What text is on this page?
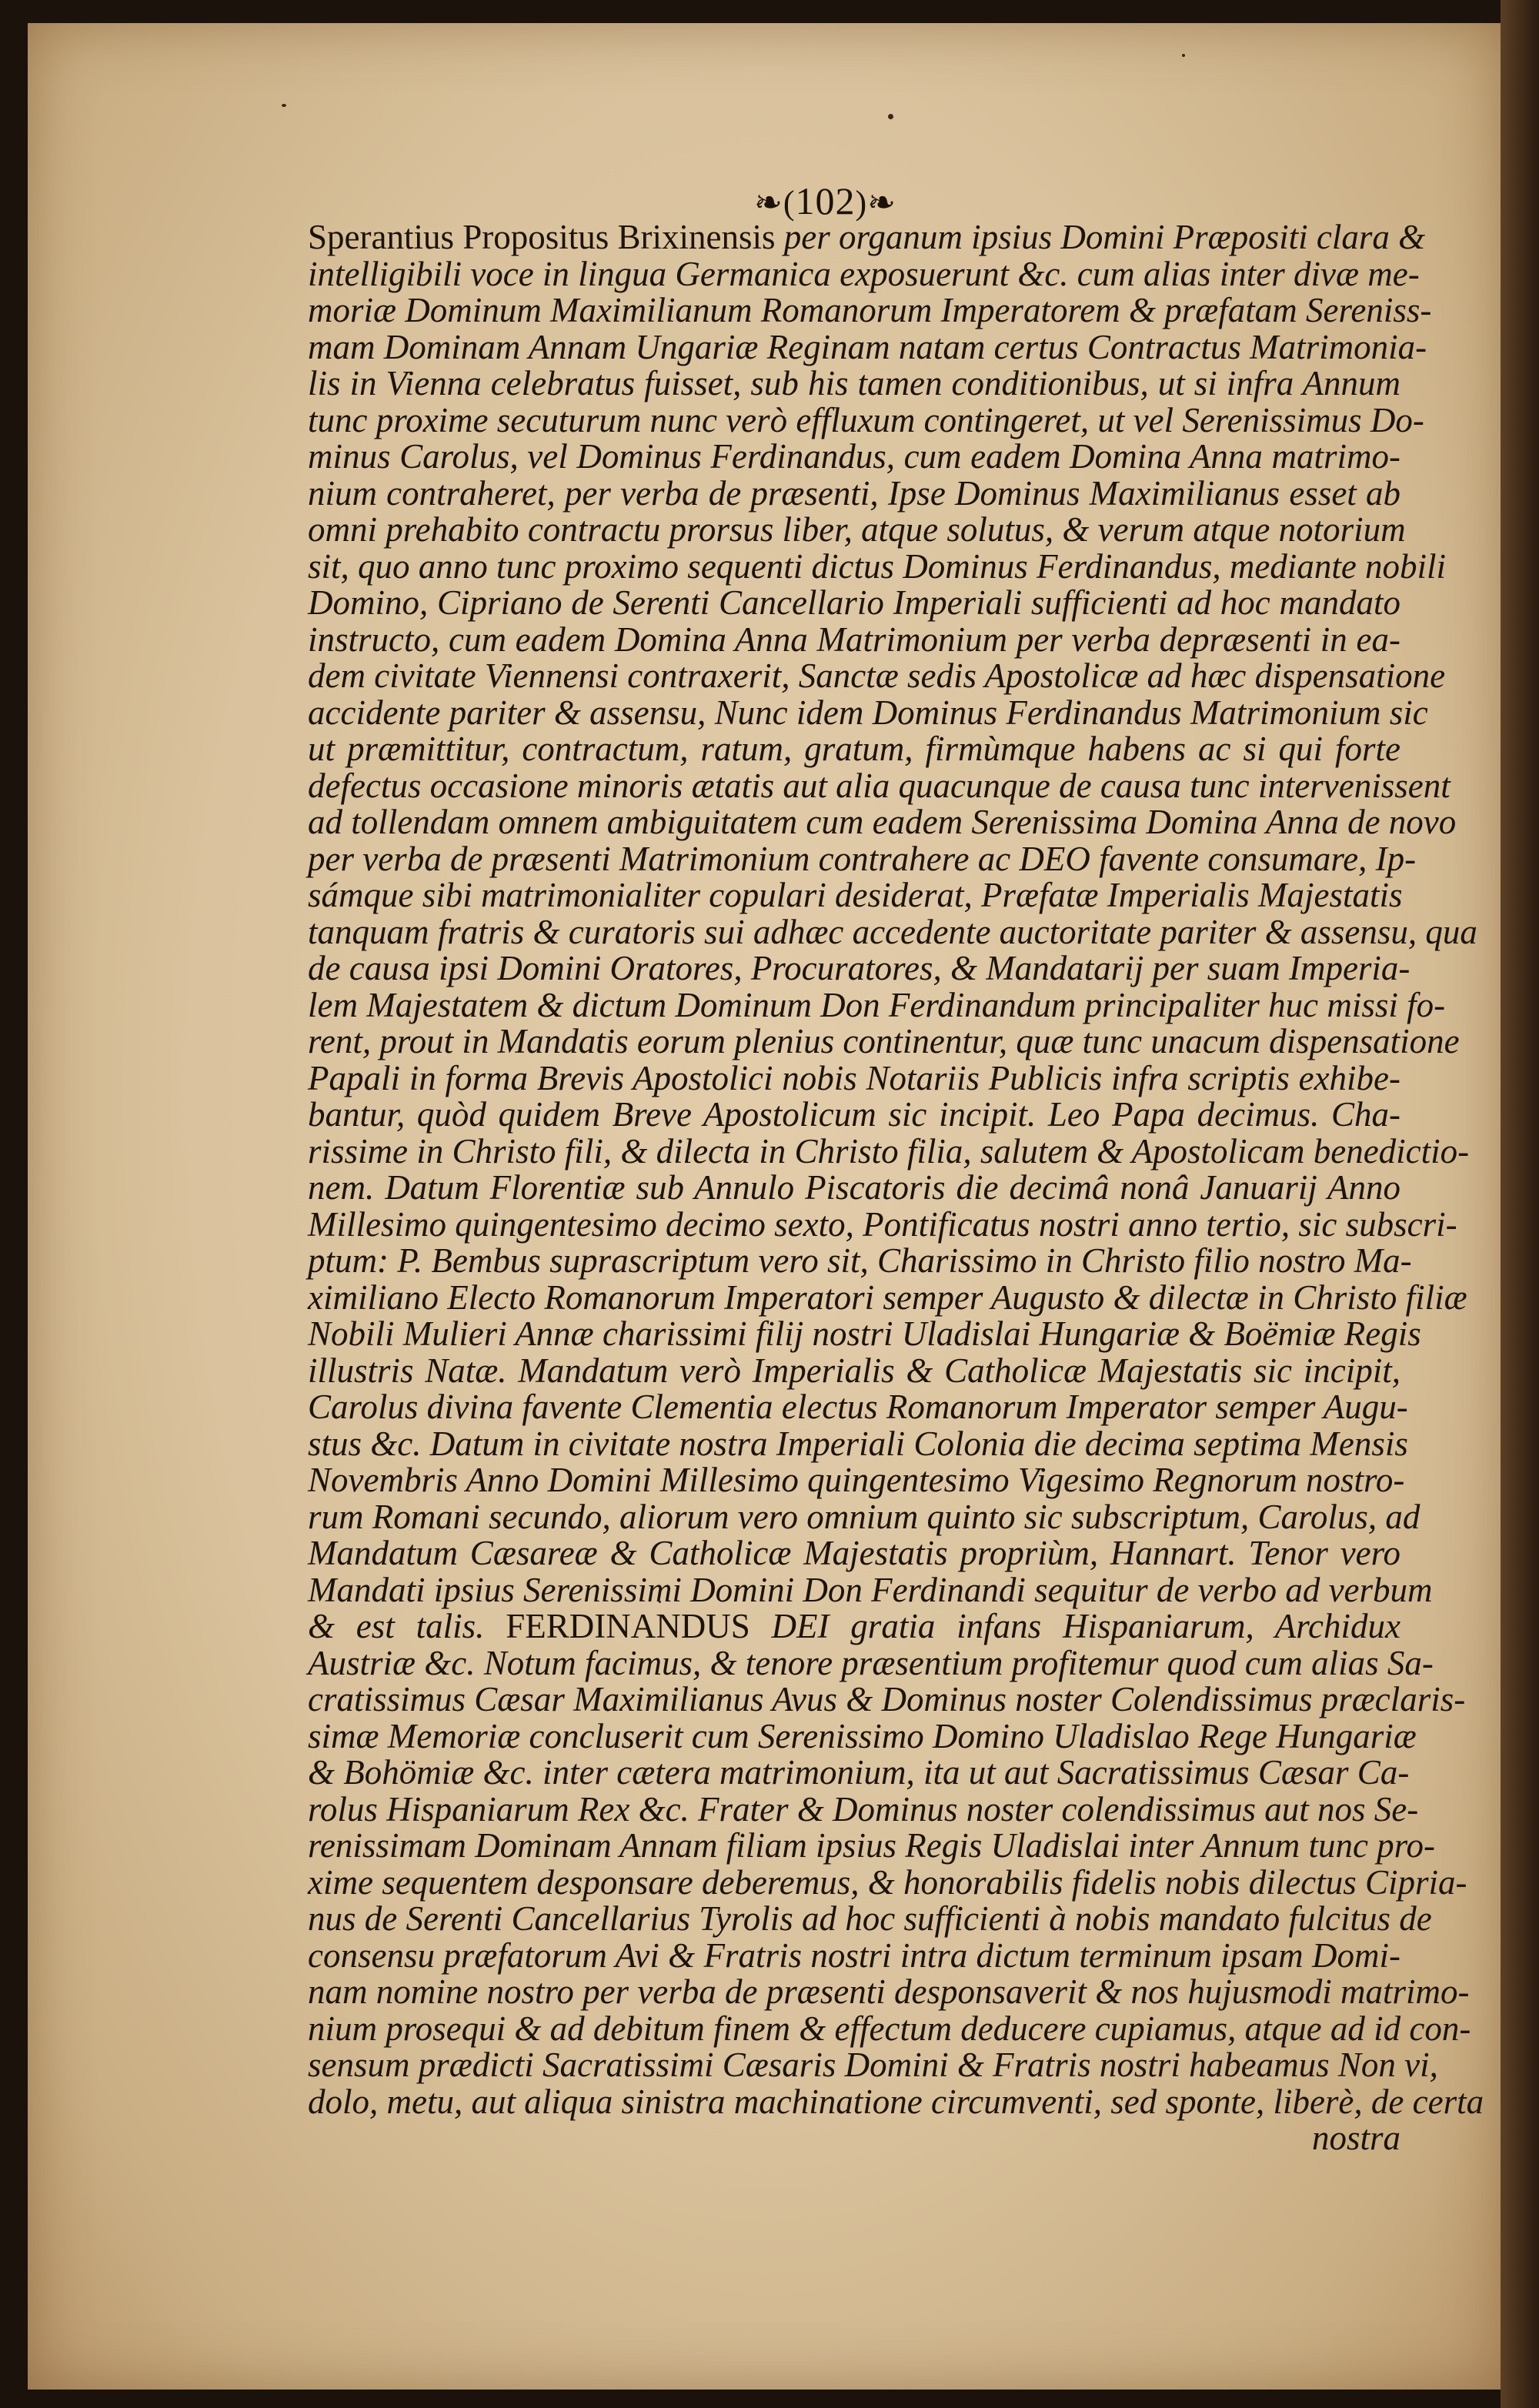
❧(102)❧
Sperantius Propositus Brixinensis per organum ipsius Domini Præpositi clara &
intelligibili voce in lingua Germanica exposuerunt &c. cum alias inter divæ me-
moriæ Dominum Maximilianum Romanorum Imperatorem & præfatam Sereniss-
mam Dominam Annam Ungariæ Reginam natam certus Contractus Matrimonia-
lis in Vienna celebratus fuisset, sub his tamen conditionibus, ut si infra Annum
tunc proxime secuturum nunc verò effluxum contingeret, ut vel Serenissimus Do-
minus Carolus, vel Dominus Ferdinandus, cum eadem Domina Anna matrimo-
nium contraheret, per verba de præsenti, Ipse Dominus Maximilianus esset ab
omni prehabito contractu prorsus liber, atque solutus, & verum atque notorium
sit, quo anno tunc proximo sequenti dictus Dominus Ferdinandus, mediante nobili
Domino, Cipriano de Serenti Cancellario Imperiali sufficienti ad hoc mandato
instructo, cum eadem Domina Anna Matrimonium per verba depræsenti in ea-
dem civitate Viennensi contraxerit, Sanctæ sedis Apostolicæ ad hæc dispensatione
accidente pariter & assensu, Nunc idem Dominus Ferdinandus Matrimonium sic
ut præmittitur, contractum, ratum, gratum, firmùmque habens ac si qui forte
defectus occasione minoris ætatis aut alia quacunque de causa tunc intervenissent
ad tollendam omnem ambiguitatem cum eadem Serenissima Domina Anna de novo
per verba de præsenti Matrimonium contrahere ac DEO favente consumare, Ip-
sámque sibi matrimonialiter copulari desiderat, Præfatæ Imperialis Majestatis
tanquam fratris & curatoris sui adhæc accedente auctoritate pariter & assensu, qua
de causa ipsi Domini Oratores, Procuratores, & Mandatarij per suam Imperia-
lem Majestatem & dictum Dominum Don Ferdinandum principaliter huc missi fo-
rent, prout in Mandatis eorum plenius continentur, quæ tunc unacum dispensatione
Papali in forma Brevis Apostolici nobis Notariis Publicis infra scriptis exhibe-
bantur, quòd quidem Breve Apostolicum sic incipit. Leo Papa decimus. Cha-
rissime in Christo fili, & dilecta in Christo filia, salutem & Apostolicam benedictio-
nem. Datum Florentiæ sub Annulo Piscatoris die decimâ nonâ Januarij Anno
Millesimo quingentesimo decimo sexto, Pontificatus nostri anno tertio, sic subscri-
ptum: P. Bembus suprascriptum vero sit, Charissimo in Christo filio nostro Ma-
ximiliano Electo Romanorum Imperatori semper Augusto & dilectæ in Christo filiæ
Nobili Mulieri Annæ charissimi filij nostri Uladislai Hungariæ & Boëmiæ Regis
illustris Natæ. Mandatum verò Imperialis & Catholicæ Majestatis sic incipit,
Carolus divina favente Clementia electus Romanorum Imperator semper Augu-
stus &c. Datum in civitate nostra Imperiali Colonia die decima septima Mensis
Novembris Anno Domini Millesimo quingentesimo Vigesimo Regnorum nostro-
rum Romani secundo, aliorum vero omnium quinto sic subscriptum, Carolus, ad
Mandatum Cæsareæ & Catholicæ Majestatis propriùm, Hannart. Tenor vero
Mandati ipsius Serenissimi Domini Don Ferdinandi sequitur de verbo ad verbum
& est talis. FERDINANDUS DEI gratia infans Hispaniarum, Archidux
Austriæ &c. Notum facimus, & tenore præsentium profitemur quod cum alias Sa-
cratissimus Cæsar Maximilianus Avus & Dominus noster Colendissimus præclaris-
simæ Memoriæ concluserit cum Serenissimo Domino Uladislao Rege Hungariæ
& Bohömiæ &c. inter cætera matrimonium, ita ut aut Sacratissimus Cæsar Ca-
rolus Hispaniarum Rex &c. Frater & Dominus noster colendissimus aut nos Se-
renissimam Dominam Annam filiam ipsius Regis Uladislai inter Annum tunc pro-
xime sequentem desponsare deberemus, & honorabilis fidelis nobis dilectus Cipria-
nus de Serenti Cancellarius Tyrolis ad hoc sufficienti à nobis mandato fulcitus de
consensu præfatorum Avi & Fratris nostri intra dictum terminum ipsam Domi-
nam nomine nostro per verba de præsenti desponsaverit & nos hujusmodi matrimo-
nium prosequi & ad debitum finem & effectum deducere cupiamus, atque ad id con-
sensum prædicti Sacratissimi Cæsaris Domini & Fratris nostri habeamus Non vi,
dolo, metu, aut aliqua sinistra machinatione circumventi, sed sponte, liberè, de certa
nostra
